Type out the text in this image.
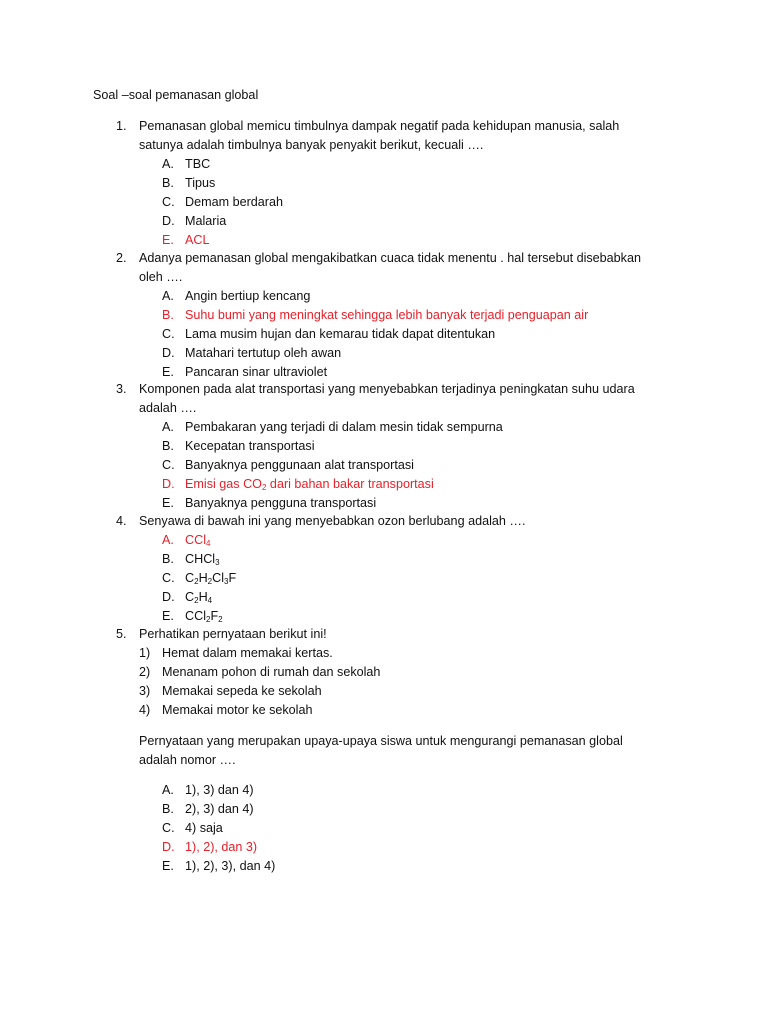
Soal –soal pemanasan global
1. Pemanasan global memicu timbulnya dampak negatif pada kehidupan manusia, salah satunya adalah timbulnya banyak penyakit berikut, kecuali ….
A. TBC
B. Tipus
C. Demam berdarah
D. Malaria
E. ACL
2. Adanya pemanasan global mengakibatkan cuaca tidak menentu . hal tersebut disebabkan oleh ….
A. Angin bertiup kencang
B. Suhu bumi yang meningkat sehingga lebih banyak terjadi penguapan air
C. Lama musim hujan dan kemarau tidak dapat ditentukan
D. Matahari tertutup oleh awan
E. Pancaran sinar ultraviolet
3. Komponen pada alat transportasi yang menyebabkan terjadinya peningkatan suhu udara adalah ….
A. Pembakaran yang terjadi di dalam mesin tidak sempurna
B. Kecepatan transportasi
C. Banyaknya penggunaan alat transportasi
D. Emisi gas $CO_2$ dari bahan bakar transportasi
E. Banyaknya pengguna transportasi
4. Senyawa di bawah ini yang menyebabkan ozon berlubang adalah ….
A. CCl$_4$
B. CHCl$_3$
C. $C_2H_2Cl_3F$
D. $C_2H_4$
E. $CCl_2F_2$
5. Perhatikan pernyataan berikut ini!
1) Hemat dalam memakai kertas.
2) Menanam pohon di rumah dan sekolah
3) Memakai sepeda ke sekolah
4) Memakai motor ke sekolah
Pernyataan yang merupakan upaya-upaya siswa untuk mengurangi pemanasan global adalah nomor ….
A. 1), 3) dan 4)
B. 2), 3) dan 4)
C. 4) saja
D. 1), 2), dan 3)
E. 1), 2), 3), dan 4)
